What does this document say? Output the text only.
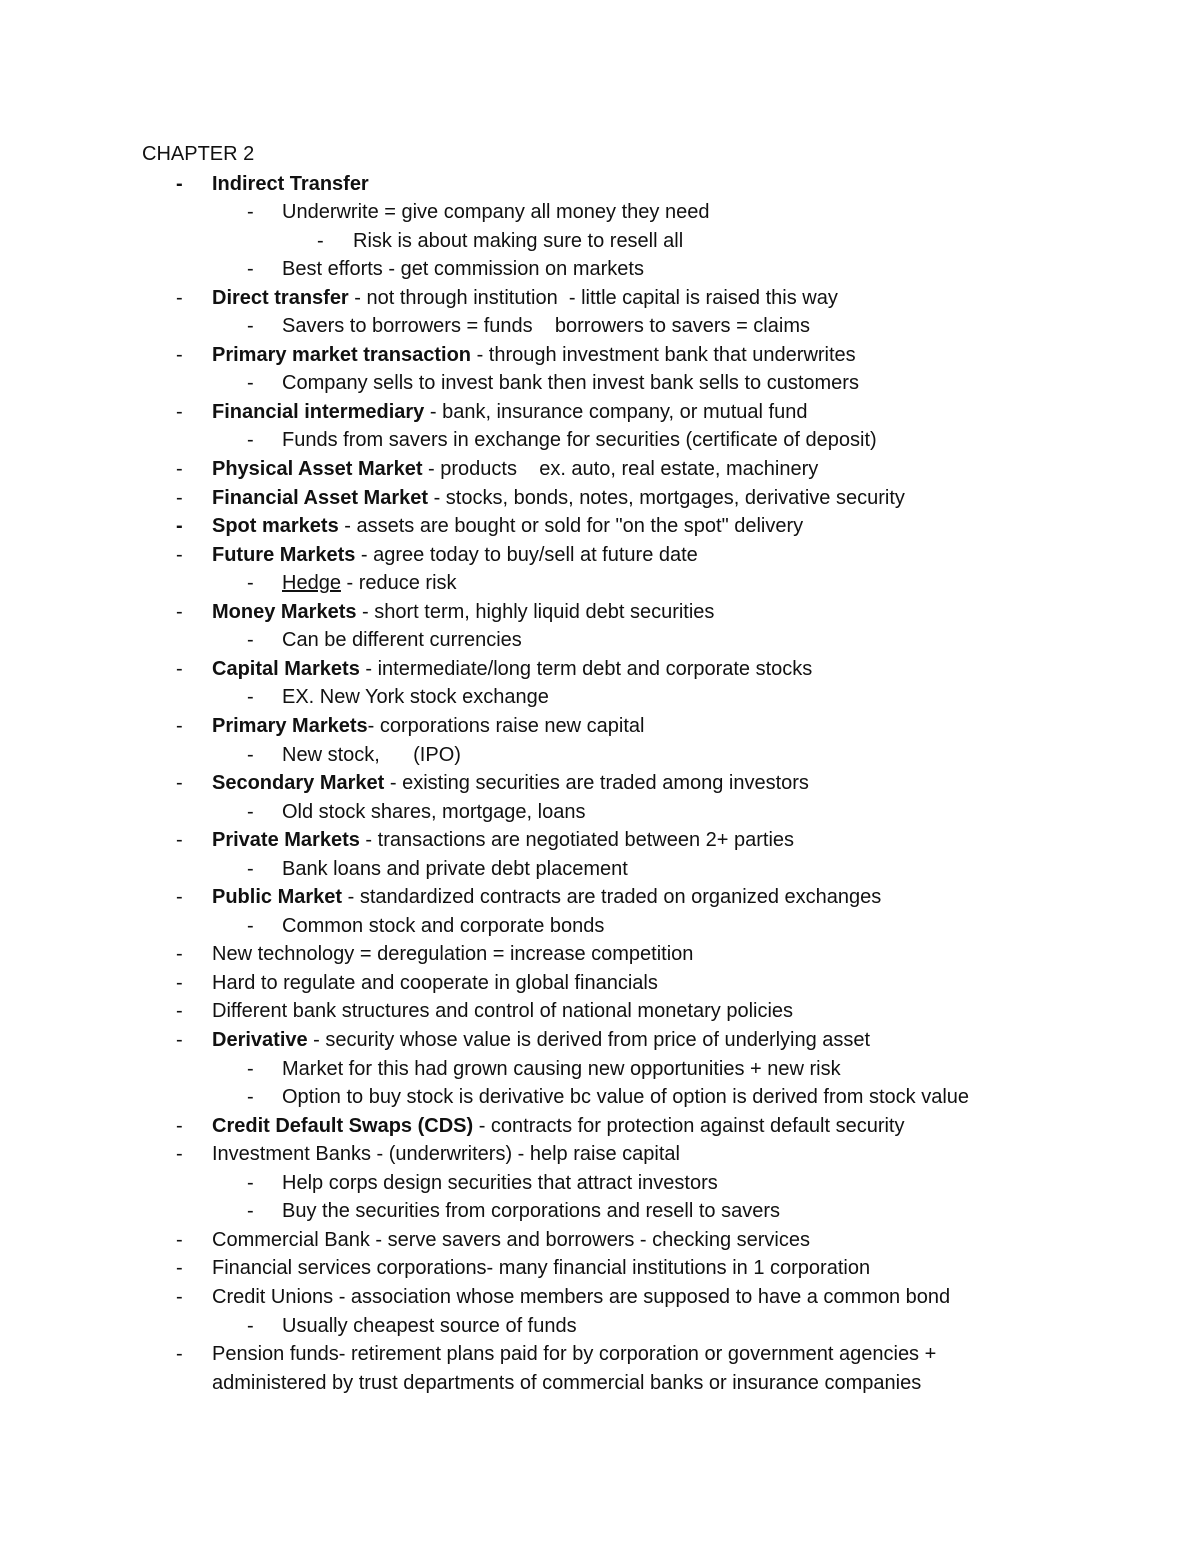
CHAPTER 2
- Indirect Transfer
- Underwrite = give company all money they need
- Risk is about making sure to resell all
- Best efforts - get commission on markets
- Direct transfer - not through institution  - little capital is raised this way
- Savers to borrowers = funds    borrowers to savers = claims
- Primary market transaction - through investment bank that underwrites
- Company sells to invest bank then invest bank sells to customers
- Financial intermediary - bank, insurance company, or mutual fund
- Funds from savers in exchange for securities (certificate of deposit)
- Physical Asset Market - products    ex. auto, real estate, machinery
- Financial Asset Market - stocks, bonds, notes, mortgages, derivative security
- Spot markets - assets are bought or sold for "on the spot" delivery
- Future Markets - agree today to buy/sell at future date
- Hedge - reduce risk
- Money Markets - short term, highly liquid debt securities
- Can be different currencies
- Capital Markets - intermediate/long term debt and corporate stocks
- EX. New York stock exchange
- Primary Markets- corporations raise new capital
- New stock,      (IPO)
- Secondary Market - existing securities are traded among investors
- Old stock shares, mortgage, loans
- Private Markets - transactions are negotiated between 2+ parties
- Bank loans and private debt placement
- Public Market - standardized contracts are traded on organized exchanges
- Common stock and corporate bonds
- New technology = deregulation = increase competition
- Hard to regulate and cooperate in global financials
- Different bank structures and control of national monetary policies
- Derivative - security whose value is derived from price of underlying asset
- Market for this had grown causing new opportunities + new risk
- Option to buy stock is derivative bc value of option is derived from stock value
- Credit Default Swaps (CDS) - contracts for protection against default security
- Investment Banks - (underwriters) - help raise capital
- Help corps design securities that attract investors
- Buy the securities from corporations and resell to savers
- Commercial Bank - serve savers and borrowers - checking services
- Financial services corporations- many financial institutions in 1 corporation
- Credit Unions - association whose members are supposed to have a common bond
- Usually cheapest source of funds
- Pension funds- retirement plans paid for by corporation or government agencies +
administered by trust departments of commercial banks or insurance companies
